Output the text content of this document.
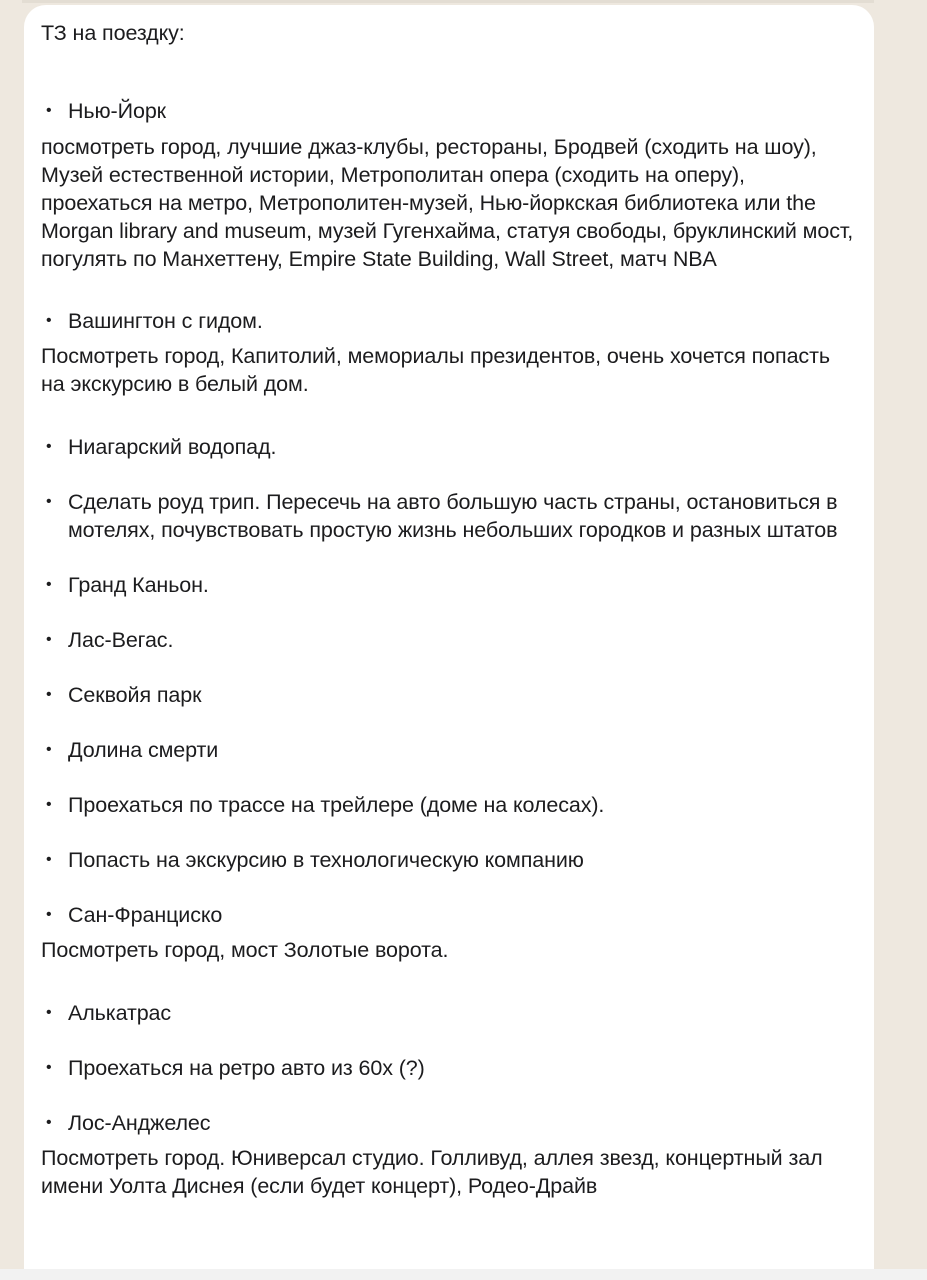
ТЗ на поездку:

• Нью-Йорк

посмотреть город, лучшие джаз-клубы, рестораны, Бродвей (сходить на шоу), Музей естественной истории, Метрополитан опера (сходить на оперу), проехаться на метро, Метрополитен-музей, Нью-йоркская библиотека или the Morgan library and museum, музей Гугенхайма, статуя свободы, бруклинский мост, погулять по Манхеттену, Empire State Building, Wall Street, матч NBA

• Вашингтон с гидом.

Посмотреть город, Капитолий, мемориалы президентов, очень хочется попасть на экскурсию в белый дом.

• Ниагарский водопад.

• Сделать роуд трип. Пересечь на авто большую часть страны, остановиться в мотелях, почувствовать простую жизнь небольших городков и разных штатов

• Гранд Каньон.

• Лас-Вегас.

• Секвойя парк

• Долина смерти

• Проехаться по трассе на трейлере (доме на колесах).

• Попасть на экскурсию в технологическую компанию

• Сан-Франциско

Посмотреть город, мост Золотые ворота.

• Алькатрас

• Проехаться на ретро авто из 60х (?)

• Лос-Анджелес

Посмотреть город. Юниверсал студио. Голливуд, аллея звезд, концертный зал имени Уолта Диснея (если будет концерт), Родео-Драйв
